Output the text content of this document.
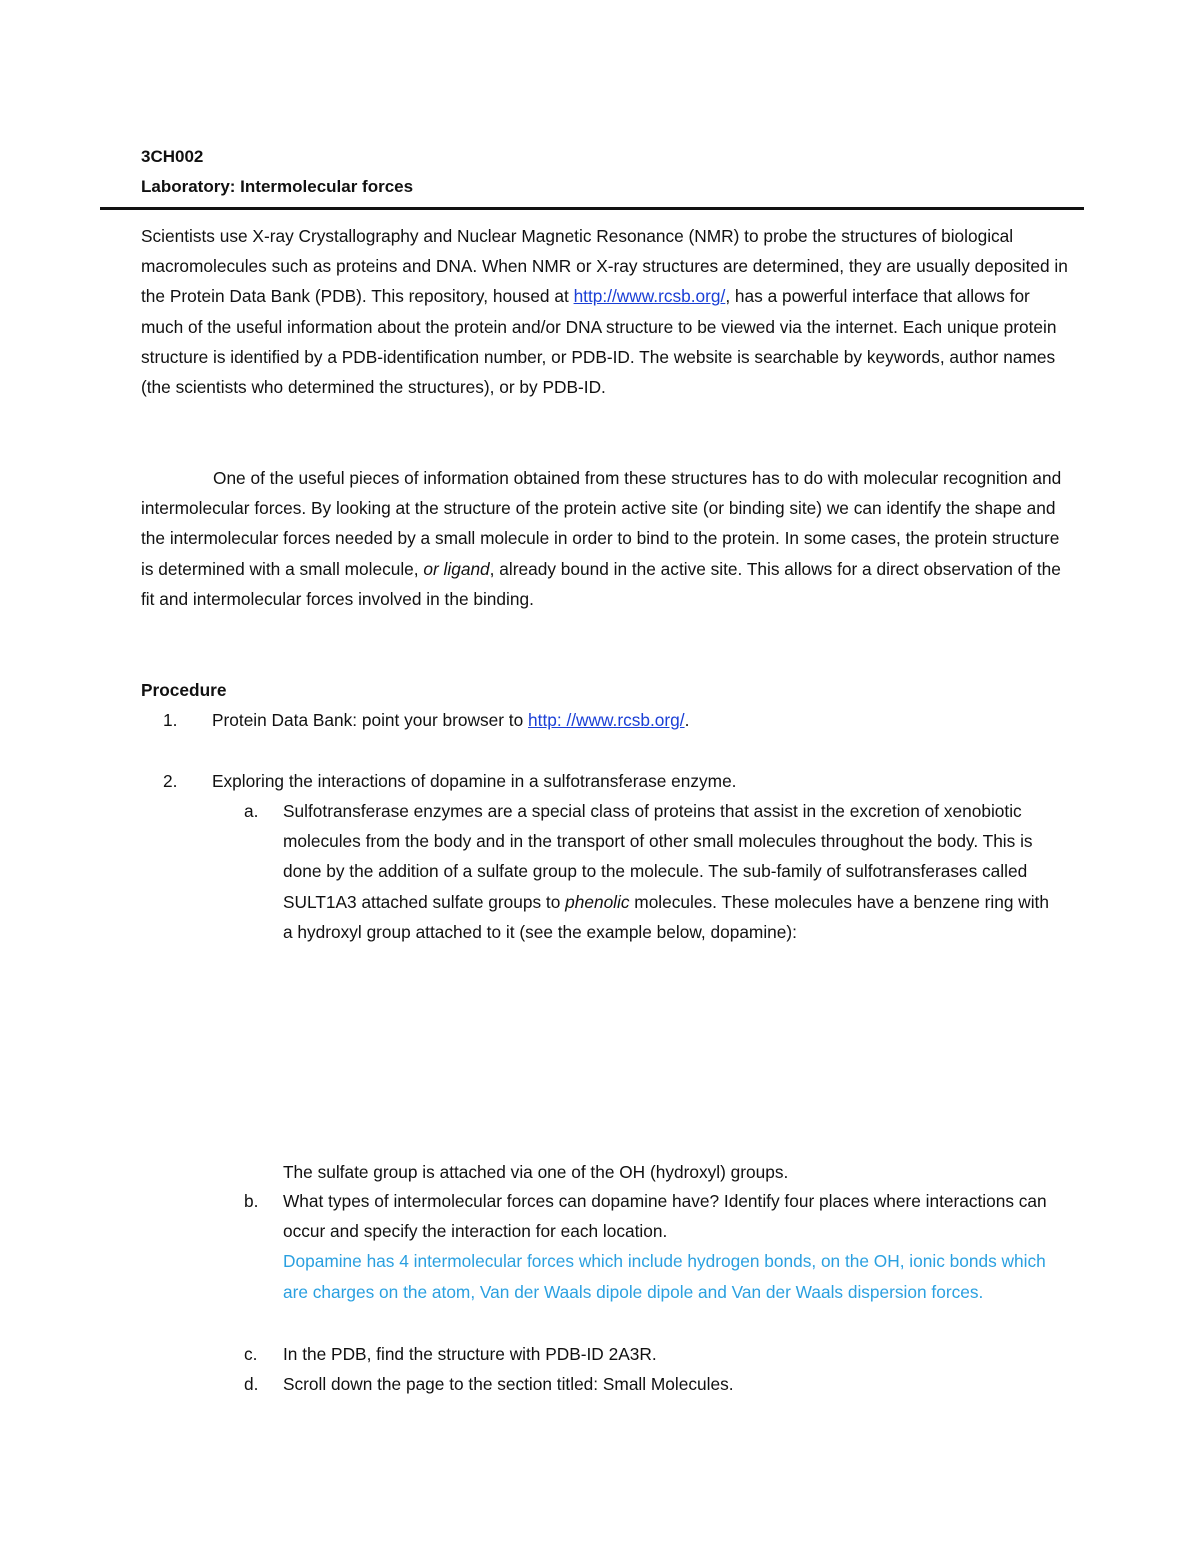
3CH002
Laboratory: Intermolecular forces
Scientists use X-ray Crystallography and Nuclear Magnetic Resonance (NMR) to probe the structures of biological macromolecules such as proteins and DNA. When NMR or X-ray structures are determined, they are usually deposited in the Protein Data Bank (PDB). This repository, housed at http://www.rcsb.org/, has a powerful interface that allows for much of the useful information about the protein and/or DNA structure to be viewed via the internet. Each unique protein structure is identified by a PDB-identification number, or PDB-ID. The website is searchable by keywords, author names (the scientists who determined the structures), or by PDB-ID.
One of the useful pieces of information obtained from these structures has to do with molecular recognition and intermolecular forces. By looking at the structure of the protein active site (or binding site) we can identify the shape and the intermolecular forces needed by a small molecule in order to bind to the protein. In some cases, the protein structure is determined with a small molecule, or ligand, already bound in the active site. This allows for a direct observation of the fit and intermolecular forces involved in the binding.
Procedure
1. Protein Data Bank: point your browser to http: //www.rcsb.org/.
2. Exploring the interactions of dopamine in a sulfotransferase enzyme.
a. Sulfotransferase enzymes are a special class of proteins that assist in the excretion of xenobiotic molecules from the body and in the transport of other small molecules throughout the body. This is done by the addition of a sulfate group to the molecule. The sub-family of sulfotransferases called SULT1A3 attached sulfate groups to phenolic molecules. These molecules have a benzene ring with a hydroxyl group attached to it (see the example below, dopamine):
The sulfate group is attached via one of the OH (hydroxyl) groups.
b. What types of intermolecular forces can dopamine have? Identify four places where interactions can occur and specify the interaction for each location.
Dopamine has 4 intermolecular forces which include hydrogen bonds, on the OH, ionic bonds which are charges on the atom, Van der Waals dipole dipole and Van der Waals dispersion forces.
c. In the PDB, find the structure with PDB-ID 2A3R.
d. Scroll down the page to the section titled: Small Molecules.
